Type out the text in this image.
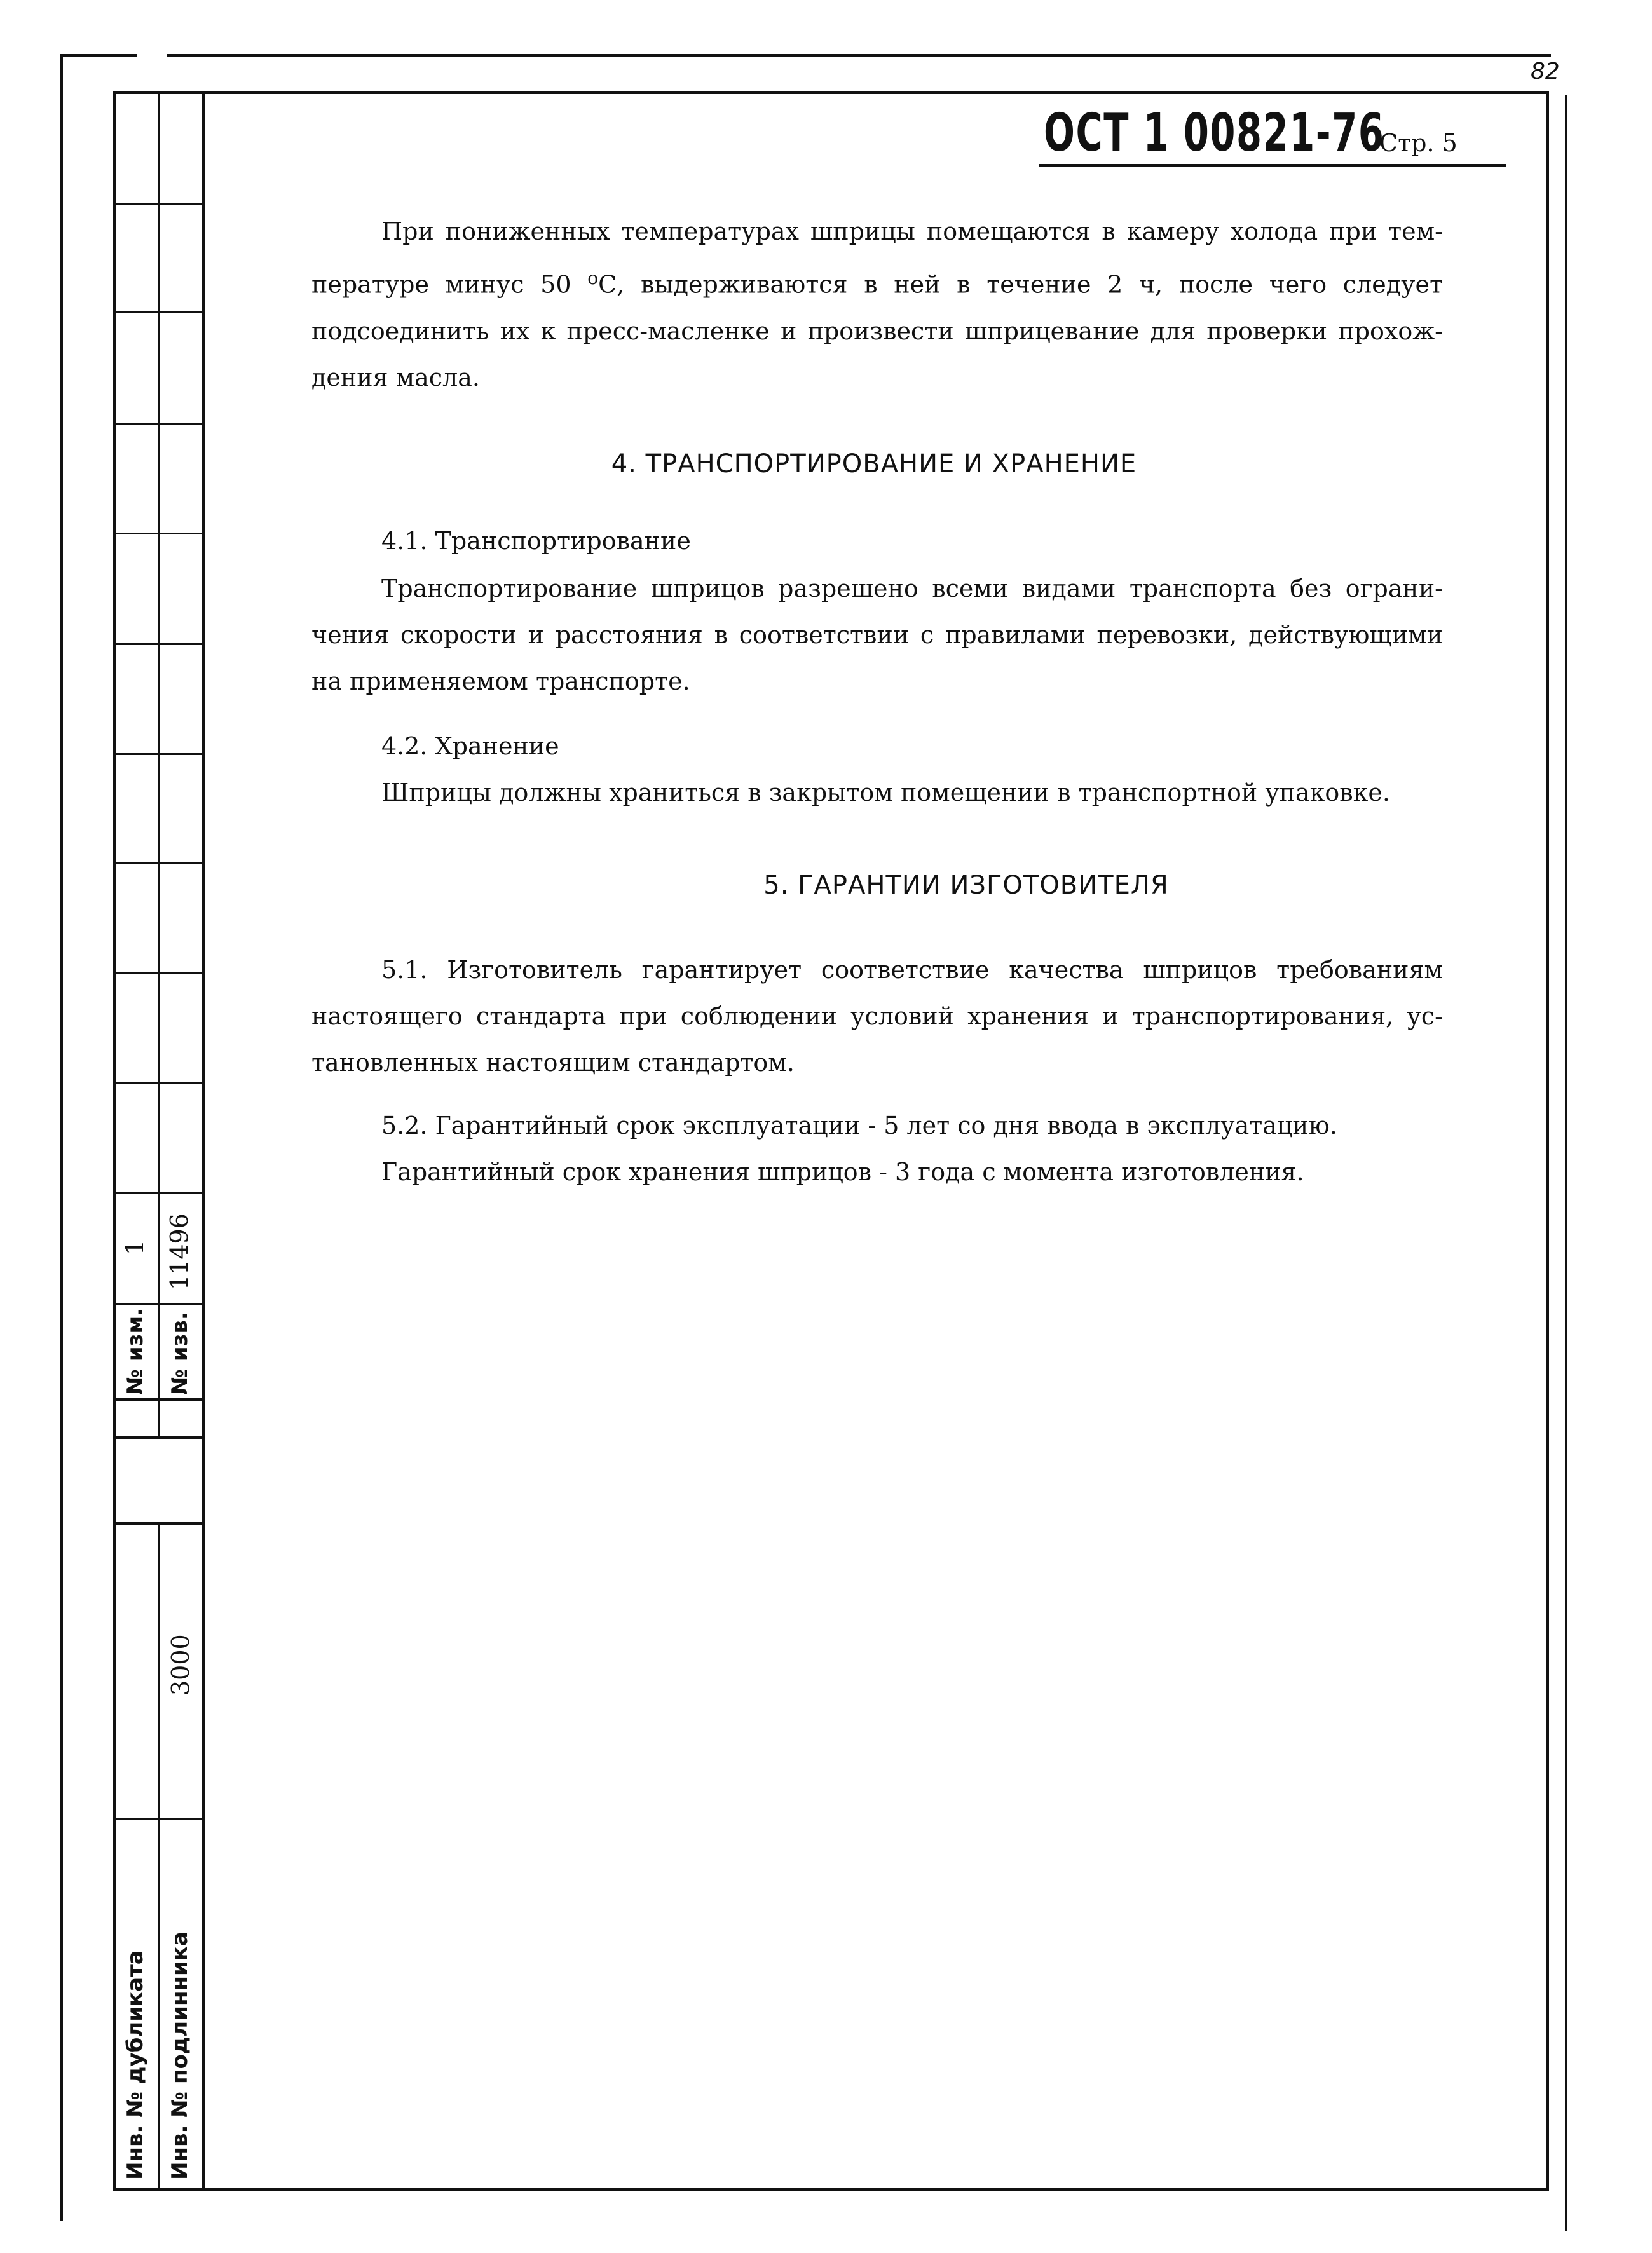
82
ОСТ 1 00821-76
Стр. 5
При пониженных температурах шприцы помещаются в камеру холода при тем-
пературе минус 50 $^o$С, выдерживаются в ней в течение 2 ч, после чего следует
подсоединить их к пресс-масленке и произвести шприцевание для проверки прохож-
дения масла.
4. ТРАНСПОРТИРОВАНИЕ И ХРАНЕНИЕ
4.1. Транспортирование
Транспортирование шприцов разрешено всеми видами транспорта без ограни-
чения скорости и расстояния в соответствии с правилами перевозки, действующими
на применяемом транспорте.
4.2. Хранение
Шприцы должны храниться в закрытом помещении в транспортной упаковке.
5. ГАРАНТИИ ИЗГОТОВИТЕЛЯ
5.1. Изготовитель гарантирует соответствие качества шприцов требованиям
настоящего стандарта при соблюдении условий хранения и транспортирования, ус-
тановленных настоящим стандартом.
5.2. Гарантийный срок эксплуатации - 5 лет со дня ввода в эксплуатацию.
Гарантийный срок хранения шприцов - 3 года с момента изготовления.
№ изм.
1
№ изв.
11496
3000
Инв. № дубликата Инв. № подлинника
